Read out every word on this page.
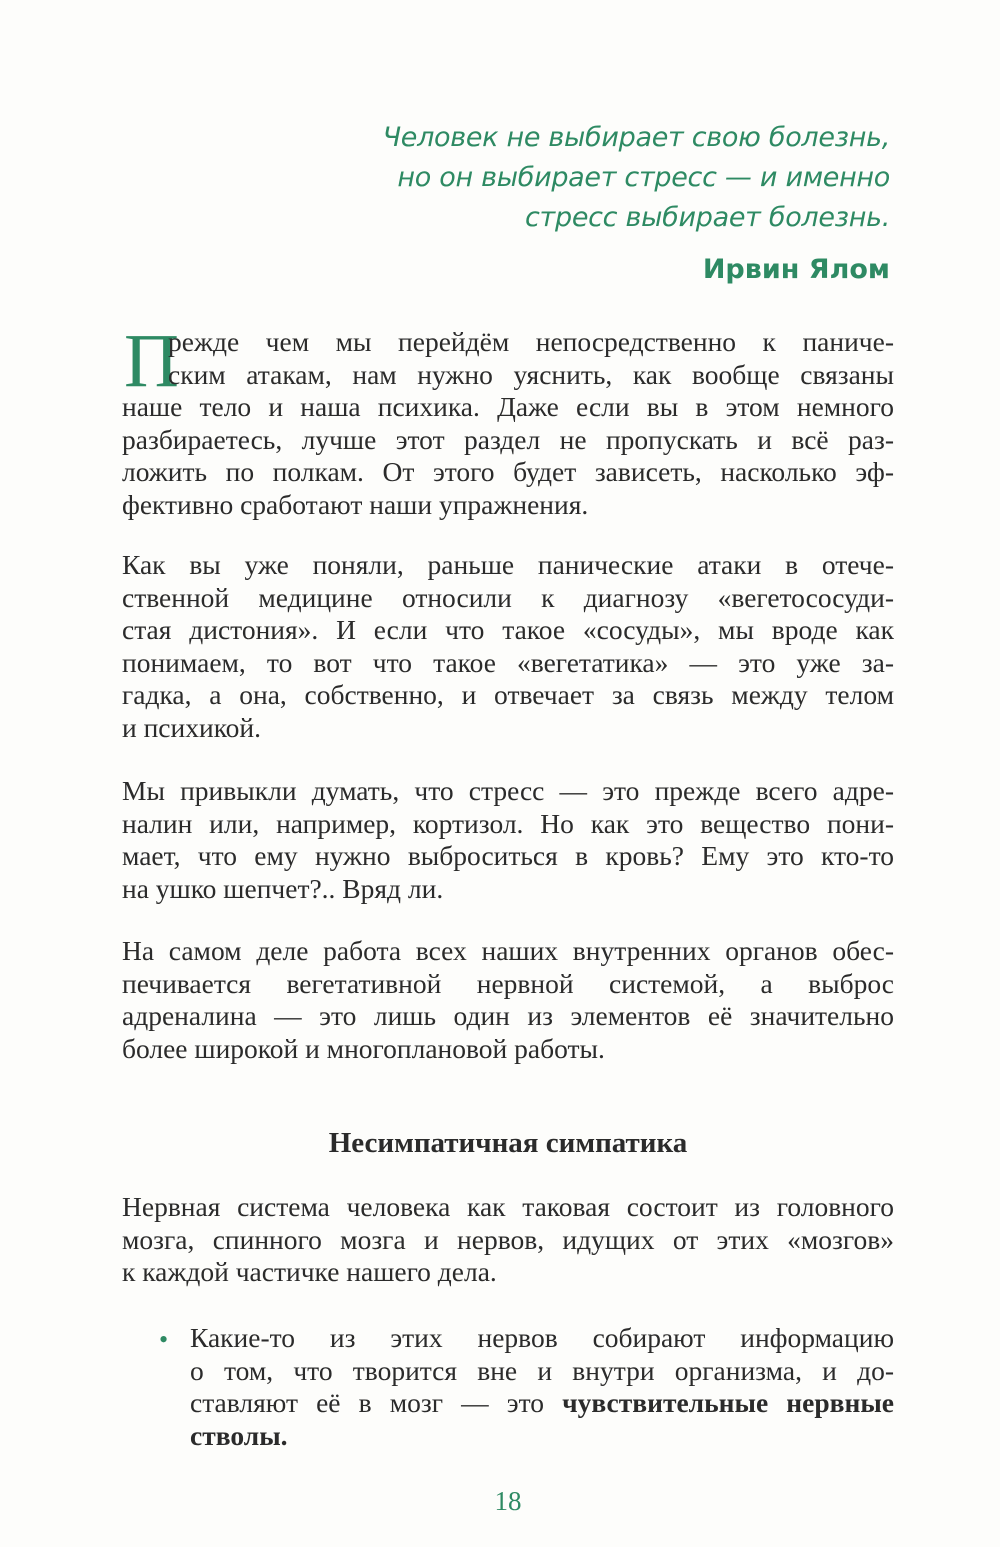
Человек не выбирает свою болезнь,
но он выбирает стресс — и именно
стресс выбирает болезнь.
Ирвин Ялом
П
режде чем мы перейдём непосредственно к паниче-
ским атакам, нам нужно уяснить, как вообще связаны
наше тело и наша психика. Даже если вы в этом немного
разбираетесь, лучше этот раздел не пропускать и всё раз-
ложить по полкам. От этого будет зависеть, насколько эф-
фективно сработают наши упражнения.
Как вы уже поняли, раньше панические атаки в отече-
ственной медицине относили к диагнозу «вегетососуди-
стая дистония». И если что такое «сосуды», мы вроде как
понимаем, то вот что такое «вегетатика» — это уже за-
гадка, а она, собственно, и отвечает за связь между телом
и психикой.
Мы привыкли думать, что стресс — это прежде всего адре-
налин или, например, кортизол. Но как это вещество пони-
мает, что ему нужно выброситься в кровь? Ему это кто-то
на ушко шепчет?.. Вряд ли.
На самом деле работа всех наших внутренних органов обес-
печивается вегетативной нервной системой, а выброс
адреналина — это лишь один из элементов её значительно
более широкой и многоплановой работы.
Несимпатичная симпатика
Нервная система человека как таковая состоит из головного
мозга, спинного мозга и нервов, идущих от этих «мозгов»
к каждой частичке нашего дела.
• Какие-то из этих нервов собирают информацию
о том, что творится вне и внутри организма, и до-
ставляют её в мозг — это чувствительные нервные
стволы.
18
